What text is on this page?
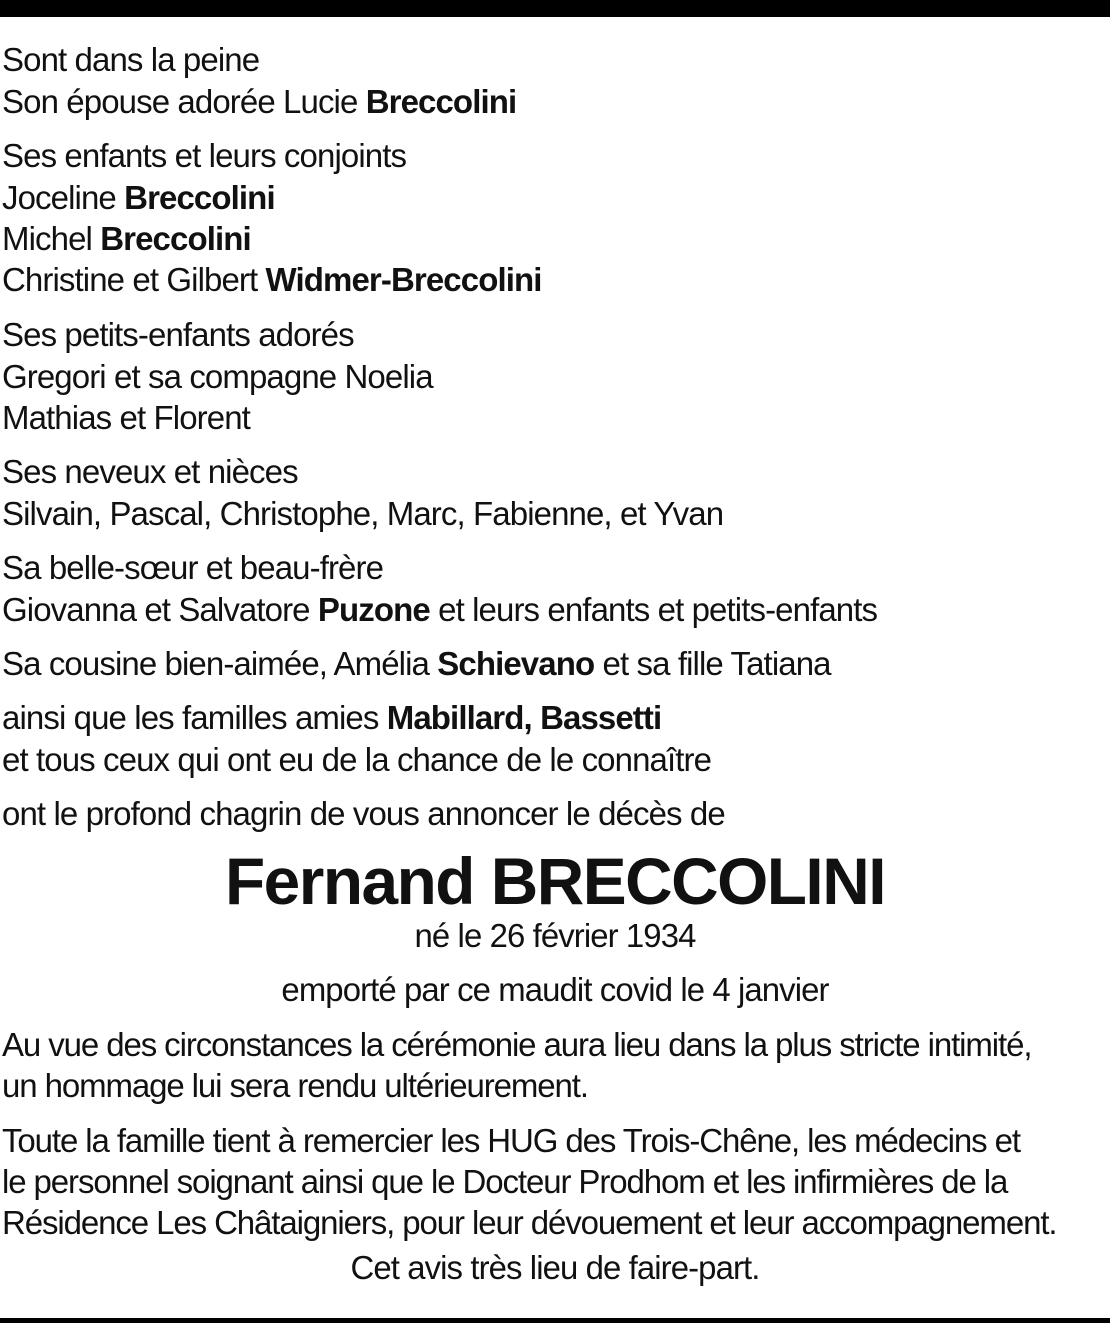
Sont dans la peine
Son épouse adorée Lucie Breccolini
Ses enfants et leurs conjoints
Joceline Breccolini
Michel Breccolini
Christine et Gilbert Widmer-Breccolini
Ses petits-enfants adorés
Gregori et sa compagne Noelia
Mathias et Florent
Ses neveux et nièces
Silvain, Pascal, Christophe, Marc, Fabienne, et Yvan
Sa belle-sœur et beau-frère
Giovanna et Salvatore Puzone et leurs enfants et petits-enfants
Sa cousine bien-aimée, Amélia Schievano et sa fille Tatiana
ainsi que les familles amies Mabillard, Bassetti
et tous ceux qui ont eu de la chance de le connaître
ont le profond chagrin de vous annoncer le décès de
Fernand BRECCOLINI
né le 26 février 1934
emporté par ce maudit covid le 4 janvier
Au vue des circonstances la cérémonie aura lieu dans la plus stricte intimité,
un hommage lui sera rendu ultérieurement.
Toute la famille tient à remercier les HUG des Trois-Chêne, les médecins et
le personnel soignant ainsi que le Docteur Prodhom et les infirmières de la
Résidence Les Châtaigniers, pour leur dévouement et leur accompagnement.
Cet avis très lieu de faire-part.
